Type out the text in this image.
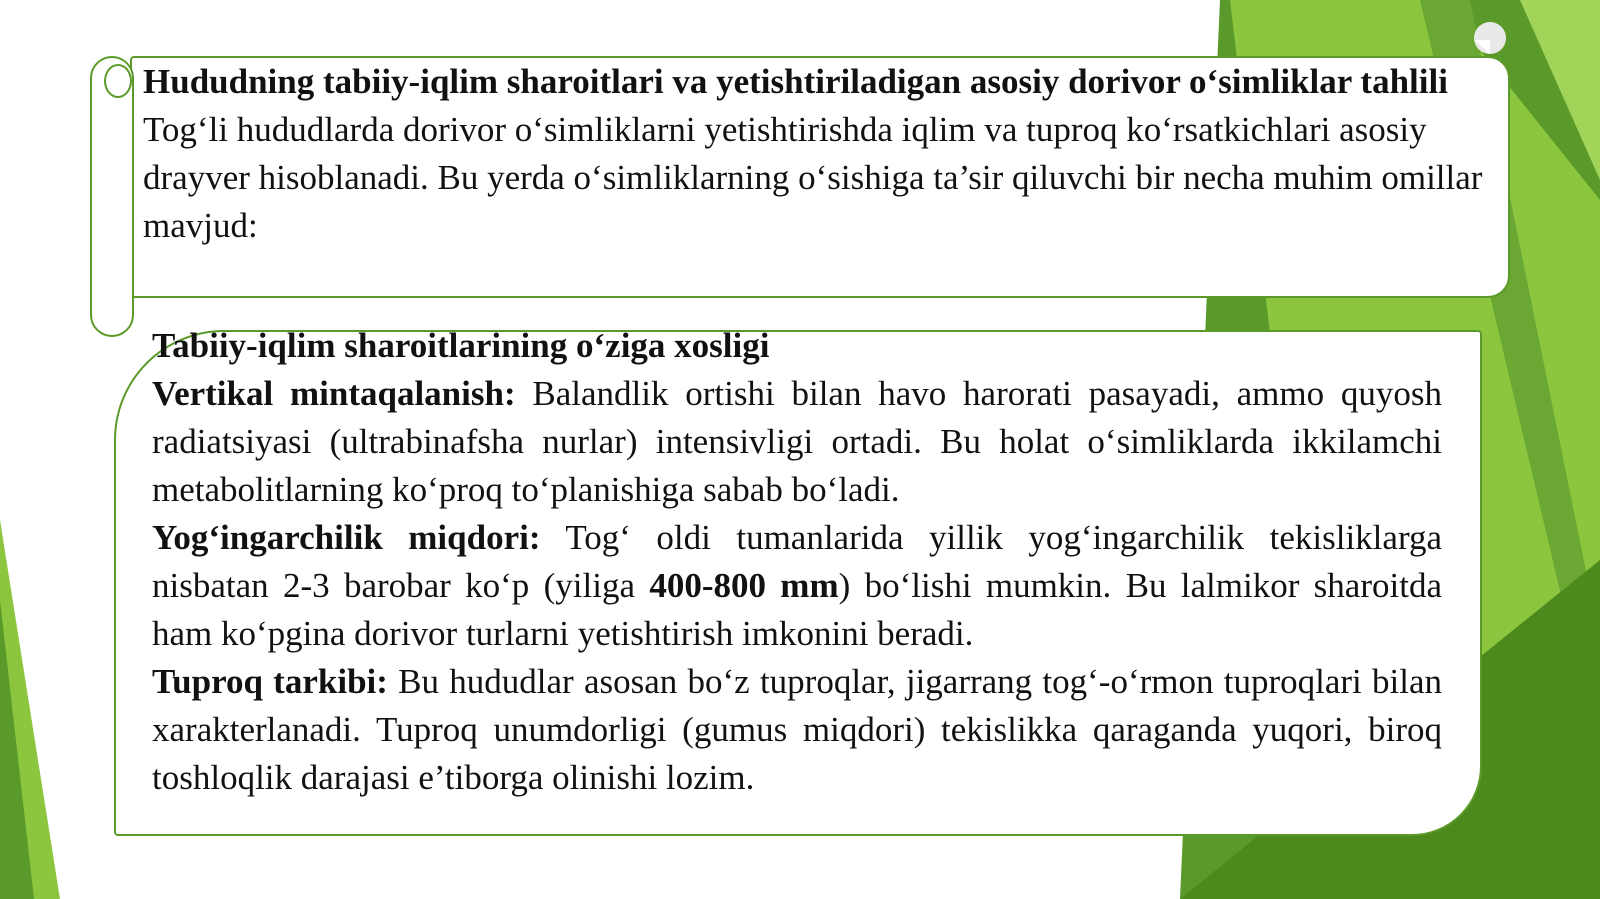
Hududning tabiiy-iqlim sharoitlari va yetishtiriladigan asosiy dorivor o‘simliklar tahlili
Tog‘li hududlarda dorivor o‘simliklarni yetishtirishda iqlim va tuproq ko‘rsatkichlari asosiy drayver hisoblanadi. Bu yerda o‘simliklarning o‘sishiga ta’sir qiluvchi bir necha muhim omillar mavjud:
Tabiiy-iqlim sharoitlarining o‘ziga xosligi
Vertikal mintaqalanish: Balandlik ortishi bilan havo harorati pasayadi, ammo quyosh radiatsiyasi (ultrabinafsha nurlar) intensivligi ortadi. Bu holat o‘simliklarda ikkilamchi metabolitlarning ko‘proq to‘planishiga sabab bo‘ladi.
Yog‘ingarchilik miqdori: Tog‘ oldi tumanlarida yillik yog‘ingarchilik tekisliklarga nisbatan 2-3 barobar ko‘p (yiliga 400-800 mm) bo‘lishi mumkin. Bu lalmikor sharoitda ham ko‘pgina dorivor turlarni yetishtirish imkonini beradi.
Tuproq tarkibi: Bu hududlar asosan bo‘z tuproqlar, jigarrang tog‘-o‘rmon tuproqlari bilan xarakterlanadi. Tuproq unumdorligi (gumus miqdori) tekislikka qaraganda yuqori, biroq toshloqlik darajasi e’tiborga olinishi lozim.
